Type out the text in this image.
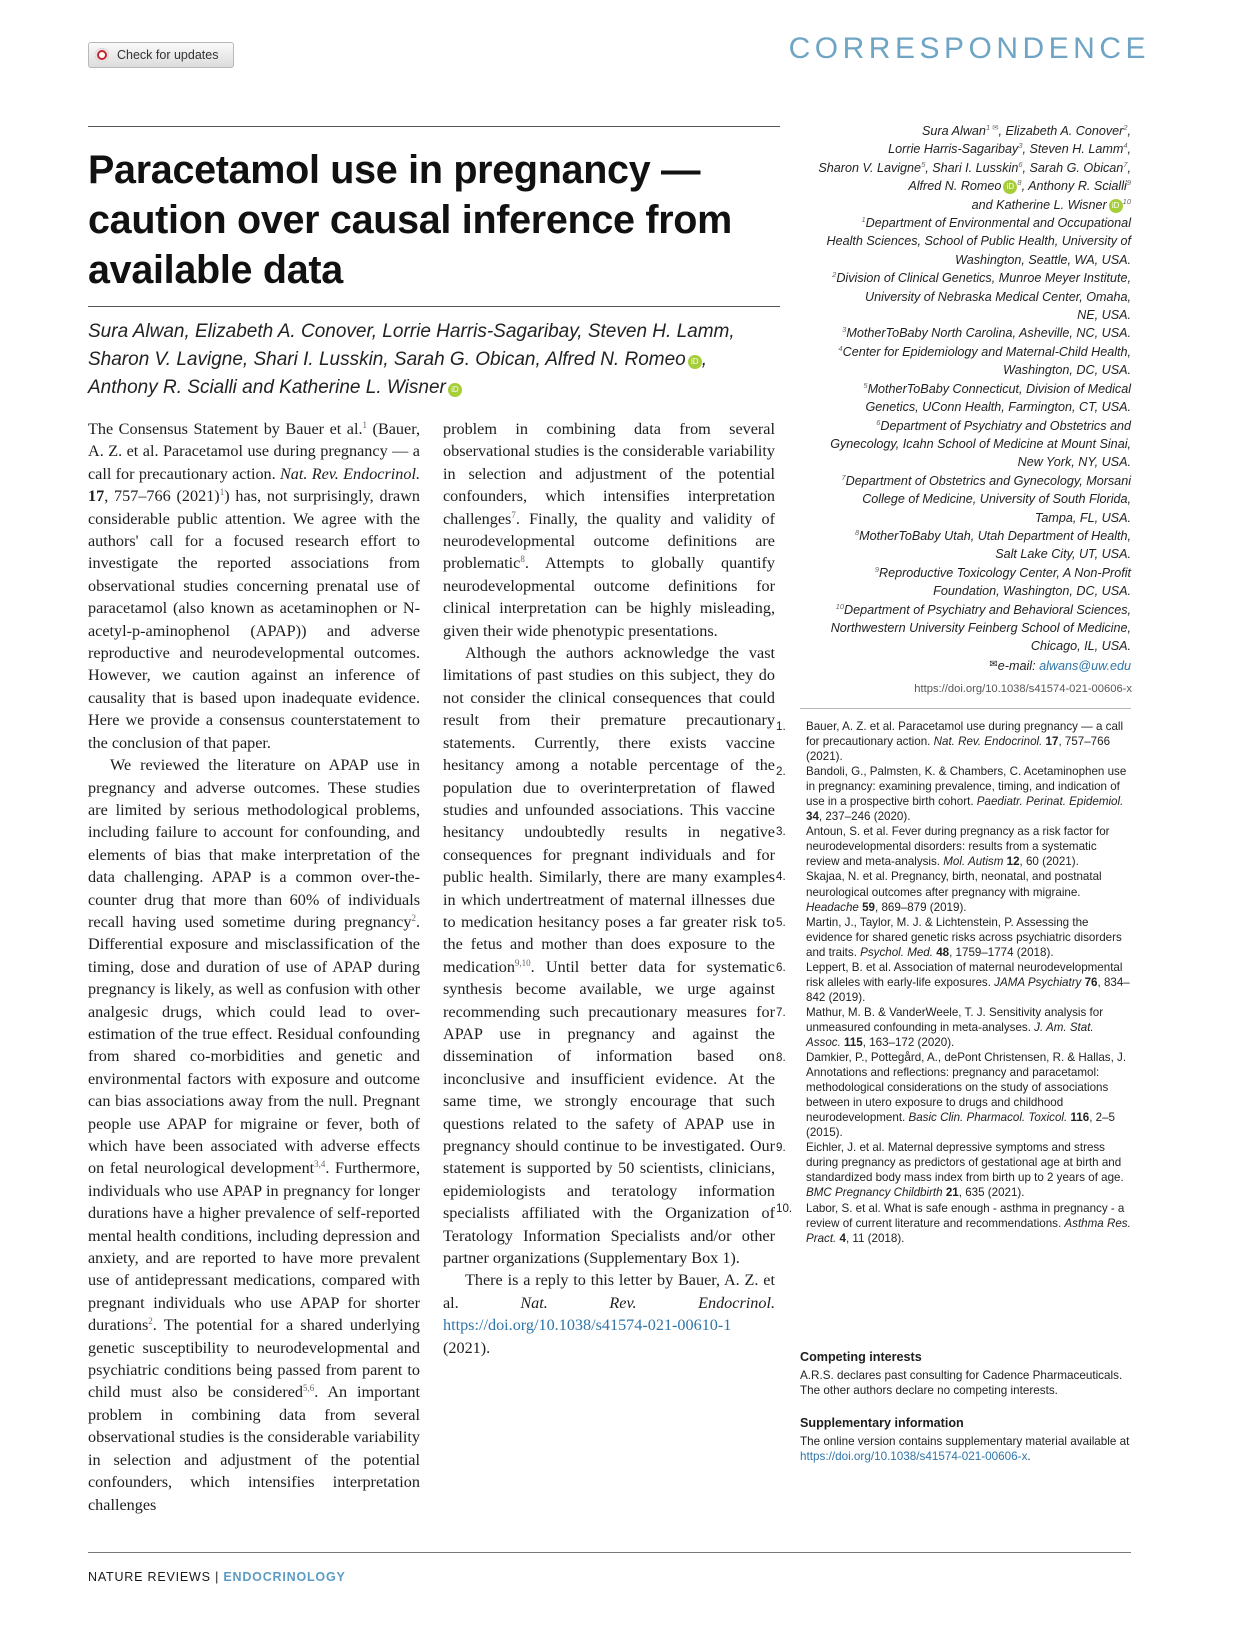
Check for updates	CORRESPONDENCE
Paracetamol use in pregnancy —
caution over causal inference from
available data
Sura Alwan, Elizabeth A. Conover, Lorrie Harris-Sagaribay, Steven H. Lamm,
Sharon V. Lavigne, Shari I. Lusskin, Sarah G. Obican, Alfred N. Romeo iD ,
Anthony R. Scialli and Katherine L. Wisner iD

The Consensus Statement by Bauer et al.$^1$ (Bauer, A. Z. et al. Paracetamol use during pregnancy — a call for precautionary action. Nat. Rev. Endocrinol. 17, 757–766 $(2021)^1$) has, not surprisingly, drawn considerable public attention. We agree with the authors' call for a focused research effort to investigate the reported associations from observational studies concerning prenatal use of paracetamol (also known as acetaminophen or N-acetyl-p-aminophenol (APAP)) and adverse reproductive and neurodevelopmental outcomes. However, we caution against an inference of causality that is based upon inadequate evidence. Here we provide a consensus counterstatement to the conclusion of that paper.

We reviewed the literature on APAP use in pregnancy and adverse outcomes. These studies are limited by serious methodological problems, including failure to account for confounding, and elements of bias that make interpretation of the data challenging. APAP is a common over-the-counter drug that more than 60% of individuals recall having used sometime during pregnancy$^2$. Differential exposure and misclassification of the timing, dose and duration of use of APAP during pregnancy is likely, as well as confusion with other analgesic drugs, which could lead to over-estimation of the true effect. Residual confounding from shared co-morbidities and genetic and environmental factors with exposure and outcome can bias associations away from the null. Pregnant people use APAP for migraine or fever, both of which have been associated with adverse effects on fetal neurological development$^{3,4}$. Furthermore, individuals who use APAP in pregnancy for longer durations have a higher prevalence of self-reported mental health conditions, including depression and anxiety, and are reported to have more prevalent use of antidepressant medications, compared with pregnant individuals who use APAP for shorter durations$^2$. The potential for a shared underlying genetic susceptibility to neurodevelopmental and psychiatric conditions being passed from parent to child must also be considered$^{5,6}$. An important problem in combining data from several observational studies is the considerable variability in selection and adjustment of the potential confounders, which intensifies interpretation challenges

problem in combining data from several observational studies is the considerable variability in selection and adjustment of the potential confounders, which intensifies interpretation challenges$^7$. Finally, the quality and validity of neurodevelopmental outcome definitions are problematic$^8$. Attempts to globally quantify neurodevelopmental outcome definitions for clinical interpretation can be highly misleading, given their wide phenotypic presentations.

Although the authors acknowledge the vast limitations of past studies on this subject, they do not consider the clinical consequences that could result from their premature precautionary statements. Currently, there exists vaccine hesitancy among a notable percentage of the population due to overinterpretation of flawed studies and unfounded associations. This vaccine hesitancy undoubtedly results in negative consequences for pregnant individuals and for public health. Similarly, there are many examples in which undertreatment of maternal illnesses due to medication hesitancy poses a far greater risk to the fetus and mother than does exposure to the medication$^{9,10}$. Until better data for systematic synthesis become available, we urge against recommending such precautionary measures for APAP use in pregnancy and against the dissemination of information based on inconclusive and insufficient evidence. At the same time, we strongly encourage that such questions related to the safety of APAP use in pregnancy should continue to be investigated. Our statement is supported by 50 scientists, clinicians, epidemiologists and teratology information specialists affiliated with the Organization of Teratology Information Specialists and/or other partner organizations (Supplementary Box 1).

There is a reply to this letter by Bauer, A. Z. et al. Nat. Rev. Endocrinol. https://doi.org/10.1038/s41574-021-00610-1 (2021).

Sura Alwan$^{1 ✉}$, Elizabeth A. Conover$^2$,

Lorrie Harris-Sagaribay$^3$, Steven H. Lamm$^4$,

Sharon V. Lavigne$^5$, Shari I. Lusskin$^6$, Sarah G. Obican$^7$,

Alfred N. Romeo iD $^8$, Anthony R. Scialli$^9$

and Katherine L. Wisner iD $^{10}$

$^1$Department of Environmental and Occupational

Health Sciences, School of Public Health, University of

Washington, Seattle, WA, USA.

$^2$Division of Clinical Genetics, Munroe Meyer Institute,

University of Nebraska Medical Center, Omaha,

NE, USA.

$^3$MotherToBaby North Carolina, Asheville, NC, USA.

$^4$Center for Epidemiology and Maternal-Child Health,

Washington, DC, USA.

$^5$MotherToBaby Connecticut, Division of Medical

Genetics, UConn Health, Farmington, CT, USA.

$^6$Department of Psychiatry and Obstetrics and

Gynecology, Icahn School of Medicine at Mount Sinai,

New York, NY, USA.

$^7$Department of Obstetrics and Gynecology, Morsani

College of Medicine, University of South Florida,

Tampa, FL, USA.

$^8$MotherToBaby Utah, Utah Department of Health,

Salt Lake City, UT, USA.

$^9$Reproductive Toxicology Center, A Non-Profit

Foundation, Washington, DC, USA.

$^{10}$Department of Psychiatry and Behavioral Sciences,

Northwestern University Feinberg School of Medicine,

Chicago, IL, USA.

✉e-mail: alwans@uw.edu

https://doi.org/10.1038/s41574-021-00606-x
1.	Bauer, A. Z. et al. Paracetamol use during pregnancy — a call for precautionary action. Nat. Rev. Endocrinol. 17, 757–766 (2021).
2.	Bandoli, G., Palmsten, K. & Chambers, C. Acetaminophen use in pregnancy: examining prevalence, timing, and indication of use in a prospective birth cohort. Paediatr. Perinat. Epidemiol. 34, 237–246 (2020).
3.	Antoun, S. et al. Fever during pregnancy as a risk factor for neurodevelopmental disorders: results from a systematic review and meta-analysis. Mol. Autism 12, 60 (2021).
4.	Skajaa, N. et al. Pregnancy, birth, neonatal, and postnatal neurological outcomes after pregnancy with migraine. Headache 59, 869–879 (2019).
5.	Martin, J., Taylor, M. J. & Lichtenstein, P. Assessing the evidence for shared genetic risks across psychiatric disorders and traits. Psychol. Med. 48, 1759–1774 (2018).
6.	Leppert, B. et al. Association of maternal neurodevelopmental risk alleles with early-life exposures. JAMA Psychiatry 76, 834–842 (2019).
7.	Mathur, M. B. & VanderWeele, T. J. Sensitivity analysis for unmeasured confounding in meta-analyses. J. Am. Stat. Assoc. 115, 163–172 (2020).
8.	Damkier, P., Pottegård, A., dePont Christensen, R. & Hallas, J. Annotations and reflections: pregnancy and paracetamol: methodological considerations on the study of associations between in utero exposure to drugs and childhood neurodevelopment. Basic Clin. Pharmacol. Toxicol. 116, 2–5 (2015).
9.	Eichler, J. et al. Maternal depressive symptoms and stress during pregnancy as predictors of gestational age at birth and standardized body mass index from birth up to 2 years of age. BMC Pregnancy Childbirth 21, 635 (2021).
10.	Labor, S. et al. What is safe enough - asthma in pregnancy - a review of current literature and recommendations. Asthma Res. Pract. 4, 11 (2018).
Competing interests
A.R.S. declares past consulting for Cadence Pharmaceuticals. The other authors declare no competing interests.
Supplementary information
The online version contains supplementary material available at https://doi.org/10.1038/s41574-021-00606-x.
NATURE REVIEWS | ENDOCRINOLOGY
